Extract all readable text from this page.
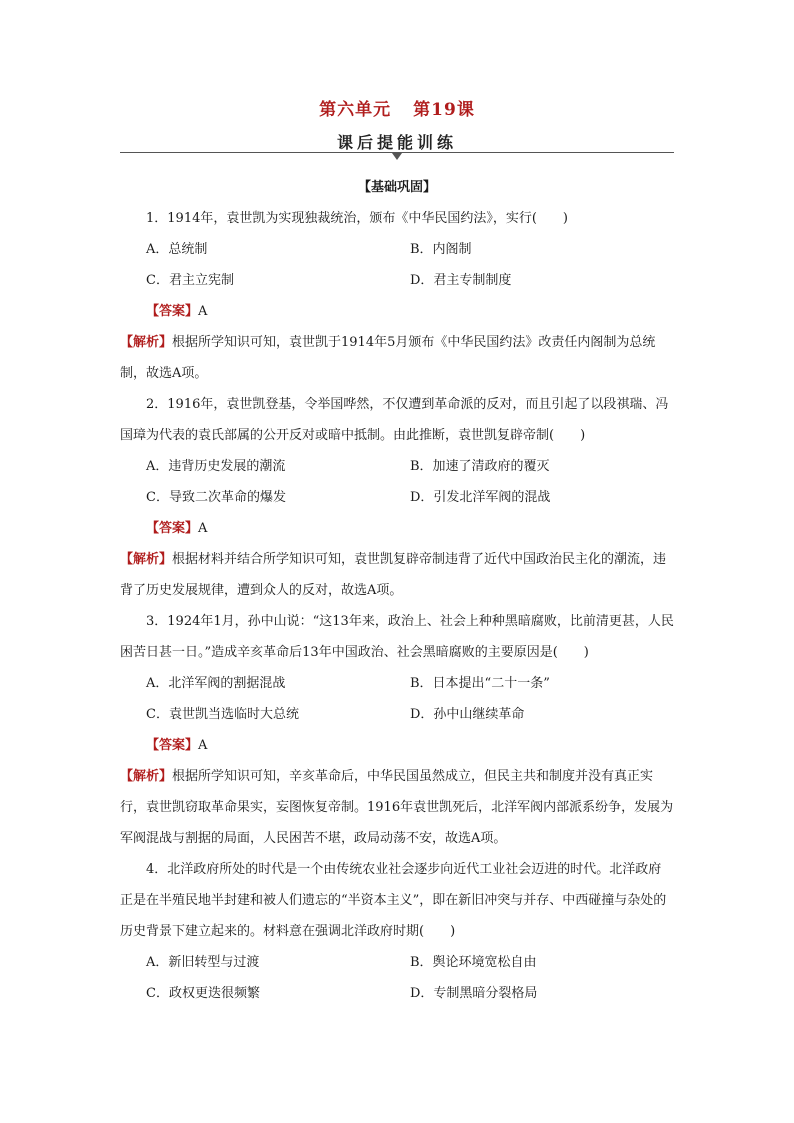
第六单元 第19课
课后提能训练

【基础巩固】

1．1914年，袁世凯为实现独裁统治，颁布《中华民国约法》，实行(　　)

A．总统制	B．内阁制
C．君主立宪制	D．君主专制制度

【答案】A

【解析】根据所学知识可知，袁世凯于1914年5月颁布《中华民国约法》改责任内阁制为总统制，故选A项。

2．1916年，袁世凯登基，令举国哗然，不仅遭到革命派的反对，而且引起了以段祺瑞、冯国璋为代表的袁氏部属的公开反对或暗中抵制。由此推断，袁世凯复辟帝制(　　)

A．违背历史发展的潮流	B．加速了清政府的覆灭
C．导致二次革命的爆发	D．引发北洋军阀的混战

【答案】A

【解析】根据材料并结合所学知识可知，袁世凯复辟帝制违背了近代中国政治民主化的潮流，违背了历史发展规律，遭到众人的反对，故选A项。

3．1924年1月，孙中山说：“这13年来，政治上、社会上种种黑暗腐败，比前清更甚，人民困苦日甚一日。”造成辛亥革命后13年中国政治、社会黑暗腐败的主要原因是(　　)

A．北洋军阀的割据混战	B．日本提出“二十一条”
C．袁世凯当选临时大总统	D．孙中山继续革命

【答案】A

【解析】根据所学知识可知，辛亥革命后，中华民国虽然成立，但民主共和制度并没有真正实行，袁世凯窃取革命果实，妄图恢复帝制。1916年袁世凯死后，北洋军阀内部派系纷争，发展为军阀混战与割据的局面，人民困苦不堪，政局动荡不安，故选A项。

4．北洋政府所处的时代是一个由传统农业社会逐步向近代工业社会迈进的时代。北洋政府正是在半殖民地半封建和被人们遗忘的“半资本主义”，即在新旧冲突与并存、中西碰撞与杂处的历史背景下建立起来的。材料意在强调北洋政府时期(　　)

A．新旧转型与过渡	B．舆论环境宽松自由
C．政权更迭很频繁	D．专制黑暗分裂格局
